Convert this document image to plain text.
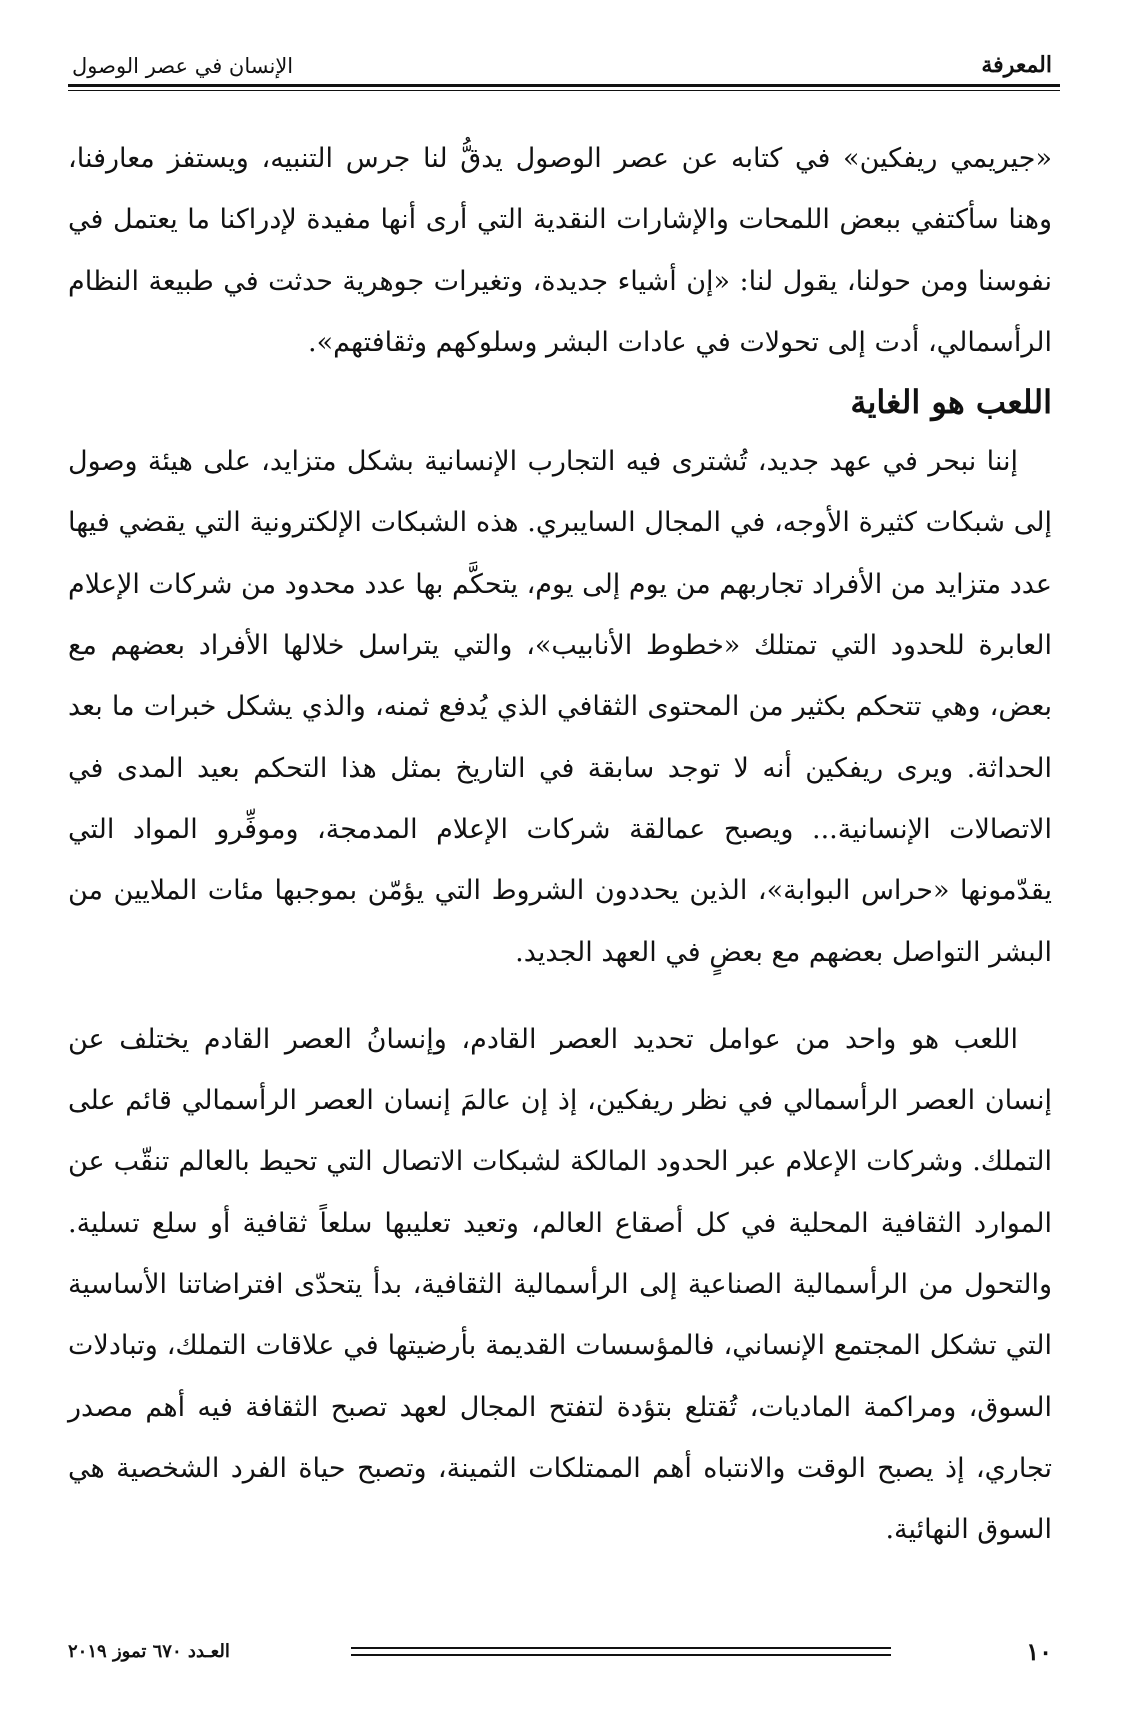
المعرفة
الإنسان في عصر الوصول

«جيريمي ريفكين» في كتابه عن عصر الوصول يدقُّ لنا جرس التنبيه، ويستفز معارفنا، وهنا سأكتفي ببعض اللمحات والإشارات النقدية التي أرى أنها مفيدة لإدراكنا ما يعتمل في نفوسنا ومن حولنا، يقول لنا: «إن أشياء جديدة، وتغيرات جوهرية حدثت في طبيعة النظام الرأسمالي، أدت إلى تحولات في عادات البشر وسلوكهم وثقافتهم».

اللعب هو الغاية

إننا نبحر في عهد جديد، تُشترى فيه التجارب الإنسانية بشكل متزايد، على هيئة وصول إلى شبكات كثيرة الأوجه، في المجال السايبري. هذه الشبكات الإلكترونية التي يقضي فيها عدد متزايد من الأفراد تجاربهم من يوم إلى يوم، يتحكَّم بها عدد محدود من شركات الإعلام العابرة للحدود التي تمتلك «خطوط الأنابيب»، والتي يتراسل خلالها الأفراد بعضهم مع بعض، وهي تتحكم بكثير من المحتوى الثقافي الذي يُدفع ثمنه، والذي يشكل خبرات ما بعد الحداثة. ويرى ريفكين أنه لا توجد سابقة في التاريخ بمثل هذا التحكم بعيد المدى في الاتصالات الإنسانية... ويصبح عمالقة شركات الإعلام المدمجة، وموفِّرو المواد التي يقدّمونها «حراس البوابة»، الذين يحددون الشروط التي يؤمّن بموجبها مئات الملايين من البشر التواصل بعضهم مع بعضٍ في العهد الجديد.

اللعب هو واحد من عوامل تحديد العصر القادم، وإنسانُ العصر القادم يختلف عن إنسان العصر الرأسمالي في نظر ريفكين، إذ إن عالمَ إنسان العصر الرأسمالي قائم على التملك. وشركات الإعلام عبر الحدود المالكة لشبكات الاتصال التي تحيط بالعالم تنقّب عن الموارد الثقافية المحلية في كل أصقاع العالم، وتعيد تعليبها سلعاً ثقافية أو سلع تسلية. والتحول من الرأسمالية الصناعية إلى الرأسمالية الثقافية، بدأ يتحدّى افتراضاتنا الأساسية التي تشكل المجتمع الإنساني، فالمؤسسات القديمة بأرضيتها في علاقات التملك، وتبادلات السوق، ومراكمة الماديات، تُقتلع بتؤدة لتفتح المجال لعهد تصبح الثقافة فيه أهم مصدر تجاري، إذ يصبح الوقت والانتباه أهم الممتلكات الثمينة، وتصبح حياة الفرد الشخصية هي السوق النهائية.

١٠
العـدد ٦٧٠ تموز ٢٠١٩
